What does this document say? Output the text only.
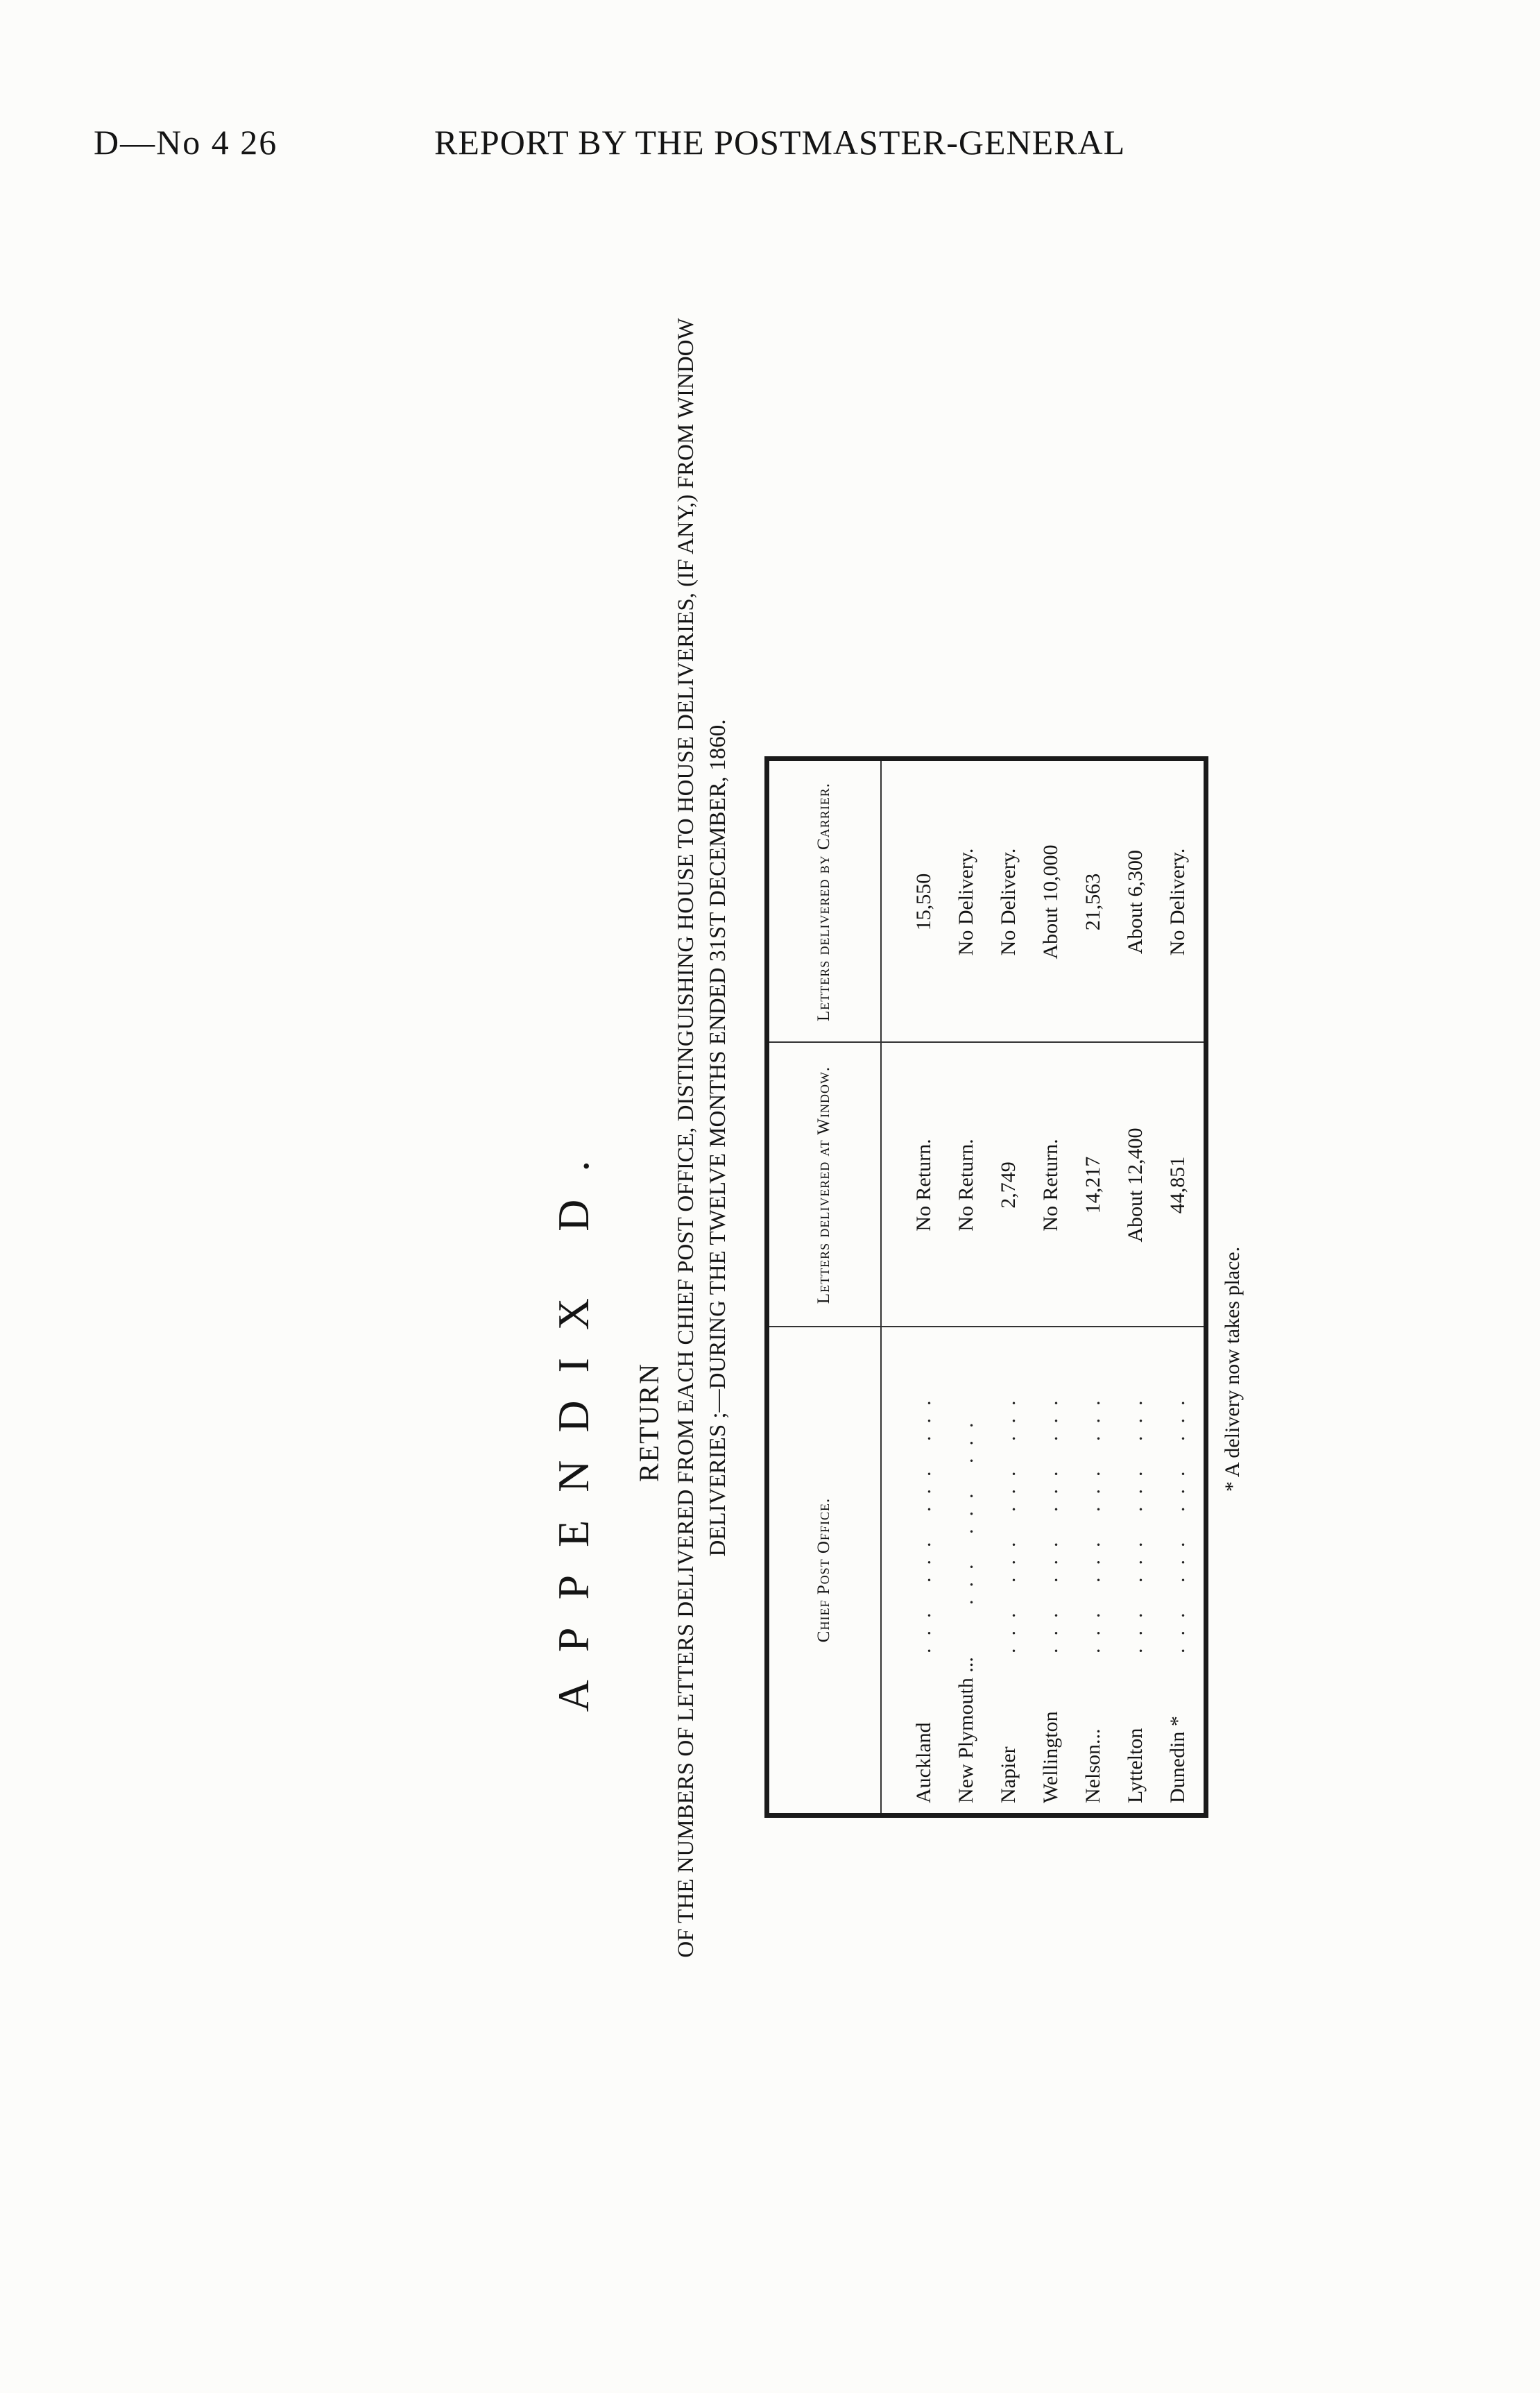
D—No 4 26	REPORT BY THE POSTMASTER-GENERAL
APPENDIX D. RETURN OF THE NUMBERS OF LETTERS DELIVERED FROM EACH CHIEF POST OFFICE, DISTINGUISHING HOUSE TO HOUSE DELIVERIES, (IF ANY,) FROM WINDOW DELIVERIES ;—DURING THE TWELVE MONTHS ENDED 31ST DECEMBER, 1860.
Chief Post Office.
Letters delivered at Window.
Letters delivered by Carrier.
Auckland
... ... ... ...
No Return.
15,550
New Plymouth ...
... ... ...
No Return.
No Delivery.
Napier
... ... ... ...
2,749
No Delivery.
Wellington
... ... ... ...
No Return.
About 10,000
Nelson...
... ... ... ...
14,217
21,563
Lyttelton
... ... ... ...
About 12,400
About 6,300
Dunedin *
... ... ... ...
44,851
No Delivery.
* A delivery now takes place.
